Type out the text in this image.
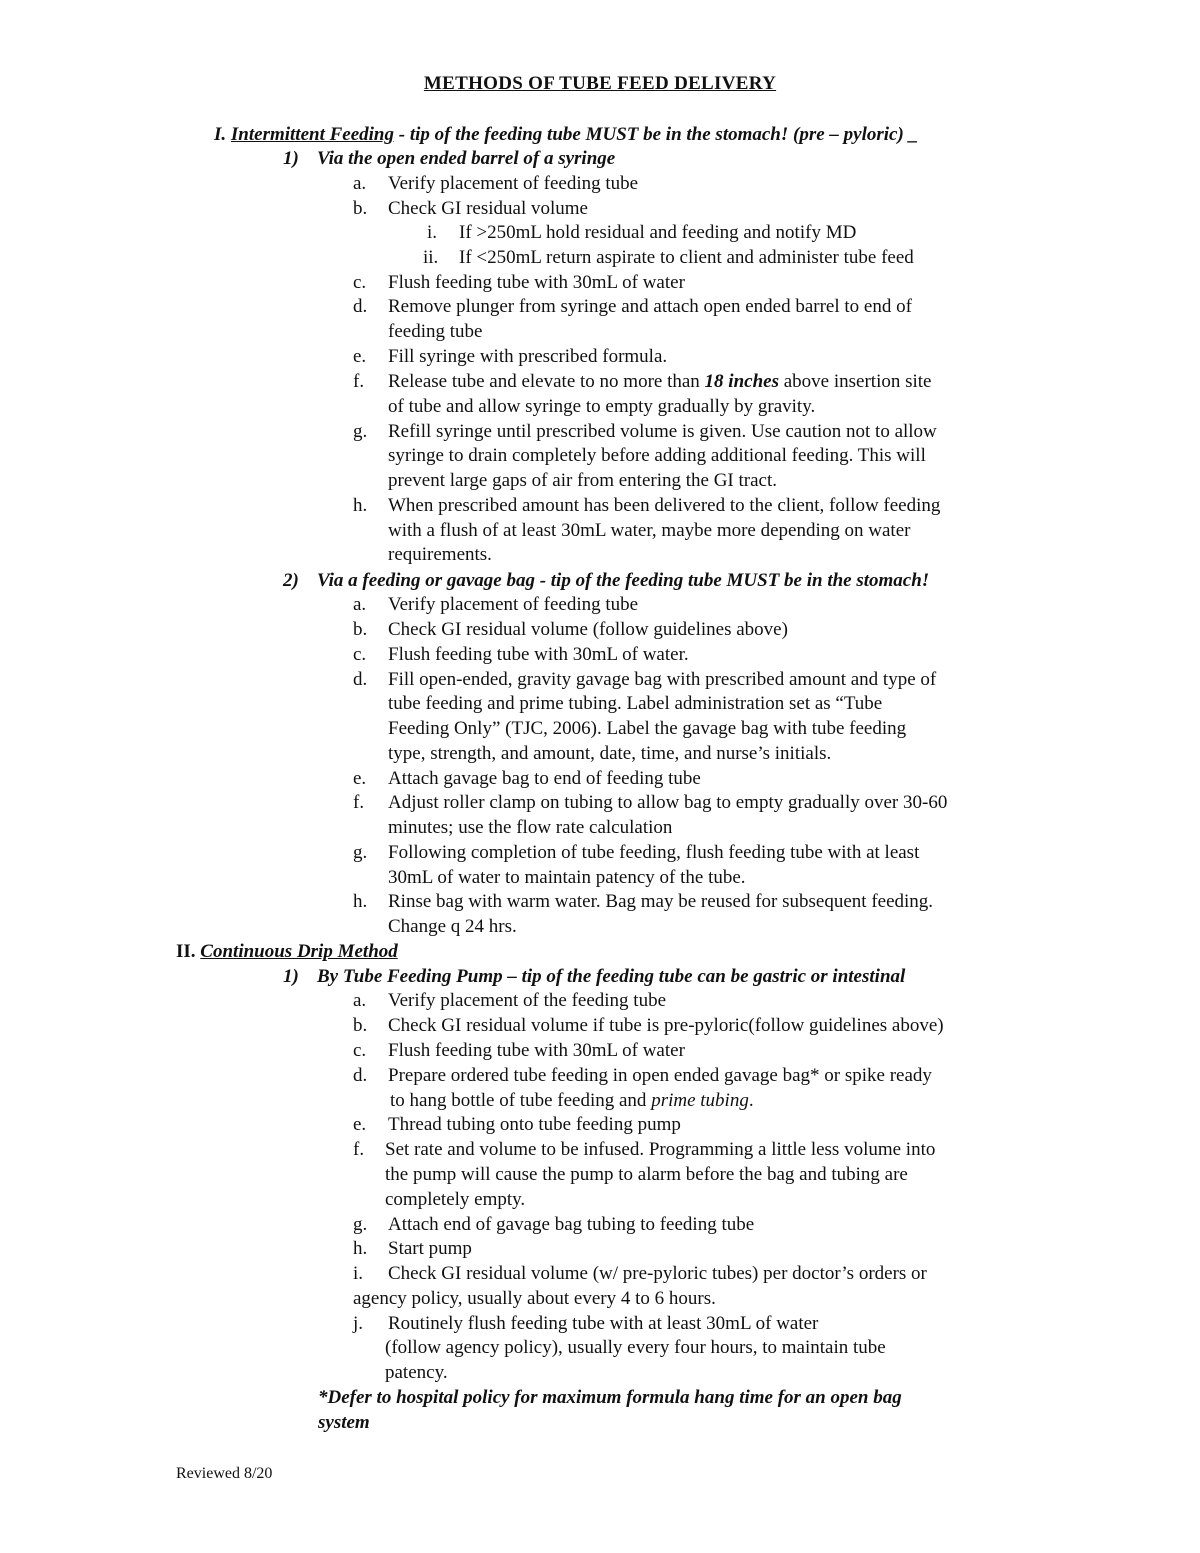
METHODS OF TUBE FEED DELIVERY
I. Intermittent Feeding - tip of the feeding tube MUST be in the stomach! (pre – pyloric) _
1) Via the open ended barrel of a syringe
a. Verify placement of feeding tube
b. Check GI residual volume
i. If >250mL hold residual and feeding and notify MD
ii. If <250mL return aspirate to client and administer tube feed
c. Flush feeding tube with 30mL of water
d. Remove plunger from syringe and attach open ended barrel to end of
feeding tube
e. Fill syringe with prescribed formula.
f. Release tube and elevate to no more than 18 inches above insertion site
of tube and allow syringe to empty gradually by gravity.
g. Refill syringe until prescribed volume is given. Use caution not to allow
syringe to drain completely before adding additional feeding. This will
prevent large gaps of air from entering the GI tract.
h. When prescribed amount has been delivered to the client, follow feeding
with a flush of at least 30mL water, maybe more depending on water
requirements.
2) Via a feeding or gavage bag - tip of the feeding tube MUST be in the stomach!
a. Verify placement of feeding tube
b. Check GI residual volume (follow guidelines above)
c. Flush feeding tube with 30mL of water.
d. Fill open-ended, gravity gavage bag with prescribed amount and type of
tube feeding and prime tubing. Label administration set as “Tube
Feeding Only” (TJC, 2006). Label the gavage bag with tube feeding
type, strength, and amount, date, time, and nurse’s initials.
e. Attach gavage bag to end of feeding tube
f. Adjust roller clamp on tubing to allow bag to empty gradually over 30-60
minutes; use the flow rate calculation
g. Following completion of tube feeding, flush feeding tube with at least
30mL of water to maintain patency of the tube.
h. Rinse bag with warm water. Bag may be reused for subsequent feeding.
Change q 24 hrs.
II. Continuous Drip Method
1) By Tube Feeding Pump – tip of the feeding tube can be gastric or intestinal
a. Verify placement of the feeding tube
b. Check GI residual volume if tube is pre-pyloric(follow guidelines above)
c. Flush feeding tube with 30mL of water
d. Prepare ordered tube feeding in open ended gavage bag* or spike ready
to hang bottle of tube feeding and prime tubing.
e. Thread tubing onto tube feeding pump
f. Set rate and volume to be infused. Programming a little less volume into
the pump will cause the pump to alarm before the bag and tubing are
completely empty.
g. Attach end of gavage bag tubing to feeding tube
h. Start pump
i. Check GI residual volume (w/ pre-pyloric tubes) per doctor’s orders or
agency policy, usually about every 4 to 6 hours.
j. Routinely flush feeding tube with at least 30mL of water
(follow agency policy), usually every four hours, to maintain tube
patency.
*Defer to hospital policy for maximum formula hang time for an open bag
system
Reviewed 8/20
